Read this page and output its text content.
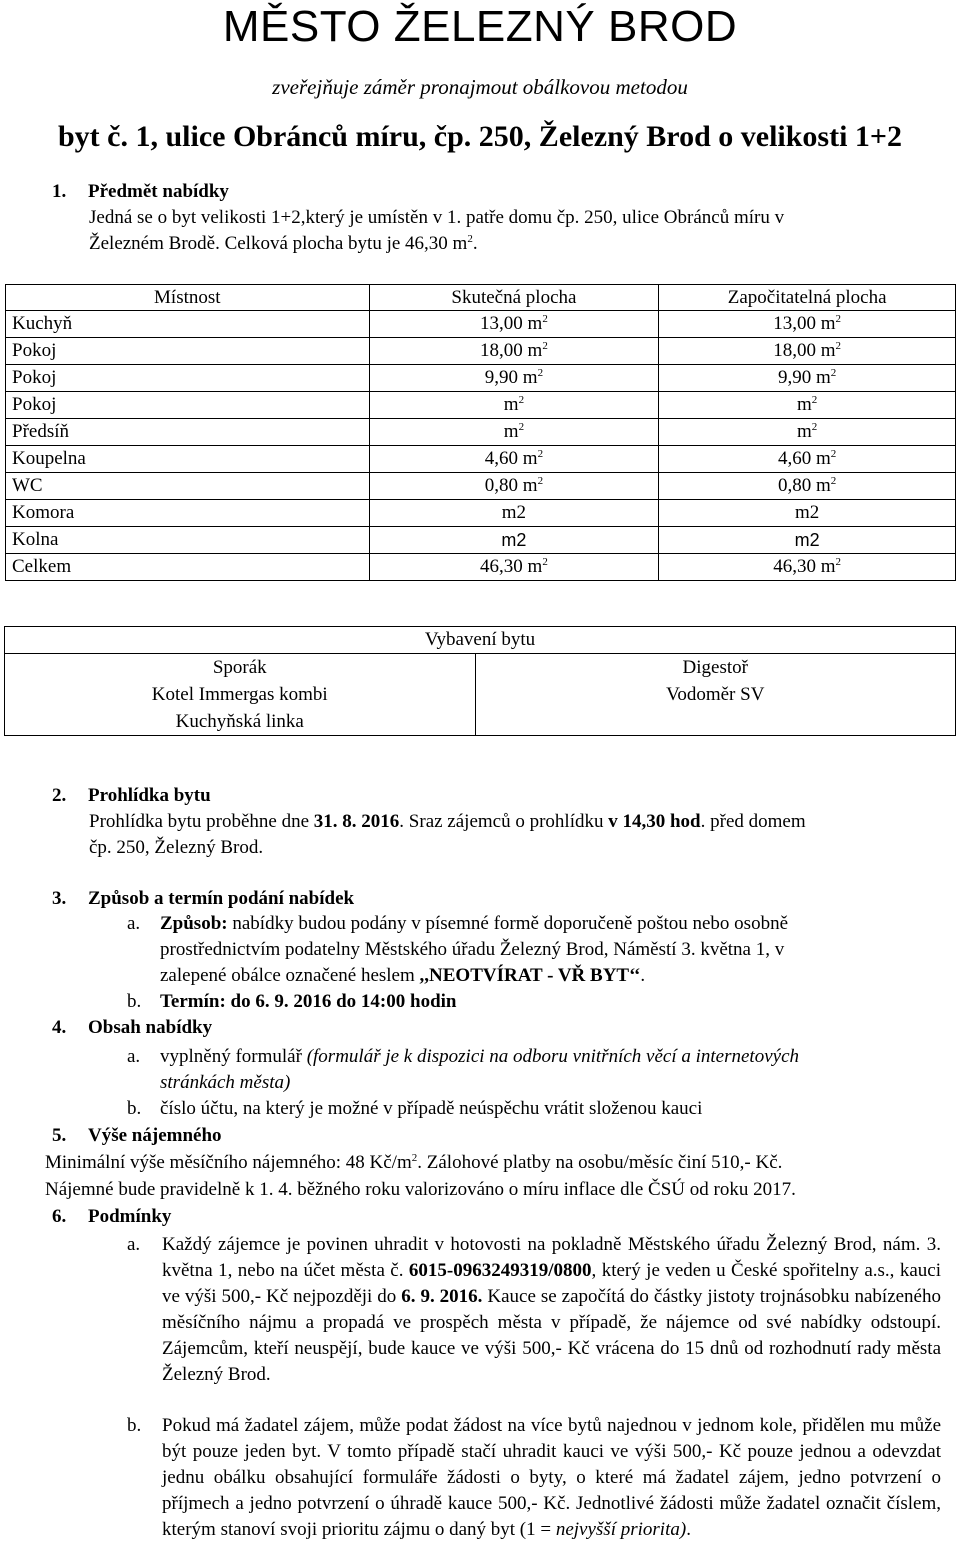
MĚSTO ŽELEZNÝ BROD
zveřejňuje záměr pronajmout obálkovou metodou
byt č. 1, ulice Obránců míru, čp. 250, Železný Brod o velikosti 1+2
1. Předmět nabídky
Jedná se o byt velikosti 1+2,který je umístěn v 1. patře domu čp. 250, ulice Obránců míru v
Železném Brodě. Celková plocha bytu je 46,30 $m^2$.
Místnost	Skutečná plocha	Započitatelná plocha
Kuchyň	13,00 $m^2$	13,00 $m^2$
Pokoj	18,00 $m^2$	18,00 $m^2$
Pokoj	9,90 $m^2$	9,90 $m^2$
Pokoj	$m^2$	$m^2$
Předsíň	$m^2$	$m^2$
Koupelna	4,60 $m^2$	4,60 $m^2$
WC	0,80 $m^2$	0,80 $m^2$
Komora	m2	m2
Kolna	m2	m2
Celkem	46,30 $m^2$	46,30 $m^2$
Vybavení bytu

Sporák
Kotel Immergas kombi
Kuchyňská linka

Digestoř
Vodoměr SV
2. Prohlídka bytu
Prohlídka bytu proběhne dne 31. 8. 2016. Sraz zájemců o prohlídku v 14,30 hod. před domem
čp. 250, Železný Brod.
3. Způsob a termín podání nabídek
a. Způsob: nabídky budou podány v písemné formě doporučeně poštou nebo osobně
prostřednictvím podatelny Městského úřadu Železný Brod, Náměstí 3. května 1, v
zalepené obálce označené heslem ,,NEOTVÍRAT - VŘ BYT‘‘.
b. Termín: do 6. 9. 2016 do 14:00 hodin
4. Obsah nabídky
a. vyplněný formulář (formulář je k dispozici na odboru vnitřních věcí a internetových
stránkách města)
b. číslo účtu, na který je možné v případě neúspěchu vrátit složenou kauci
5. Výše nájemného
Minimální výše měsíčního nájemného: 48 $Kč/m^2$. Zálohové platby na osobu/měsíc činí 510,- Kč.
Nájemné bude pravidelně k 1. 4. běžného roku valorizováno o míru inflace dle ČSÚ od roku 2017.
6. Podmínky
a. Každý zájemce je povinen uhradit v hotovosti na pokladně Městského úřadu Železný Brod, nám. 3. května 1, nebo na účet města č. 6015-0963249319/0800, který je veden u České spořitelny a.s., kauci ve výši 500,- Kč nejpozději do 6. 9. 2016. Kauce se započítá do částky jistoty trojnásobku nabízeného měsíčního nájmu a propadá ve prospěch města v případě, že nájemce od své nabídky odstoupí. Zájemcům, kteří neuspějí, bude kauce ve výši 500,- Kč vrácena do 15 dnů od rozhodnutí rady města Železný Brod.
b. Pokud má žadatel zájem, může podat žádost na více bytů najednou v jednom kole, přidělen mu může být pouze jeden byt. V tomto případě stačí uhradit kauci ve výši 500,- Kč pouze jednou a odevzdat jednu obálku obsahující formuláře žádosti o byty, o které má žadatel zájem, jedno potvrzení o příjmech a jedno potvrzení o úhradě kauce 500,- Kč. Jednotlivé žádosti může žadatel označit číslem, kterým stanoví svoji prioritu zájmu o daný byt (1 = nejvyšší priorita).
